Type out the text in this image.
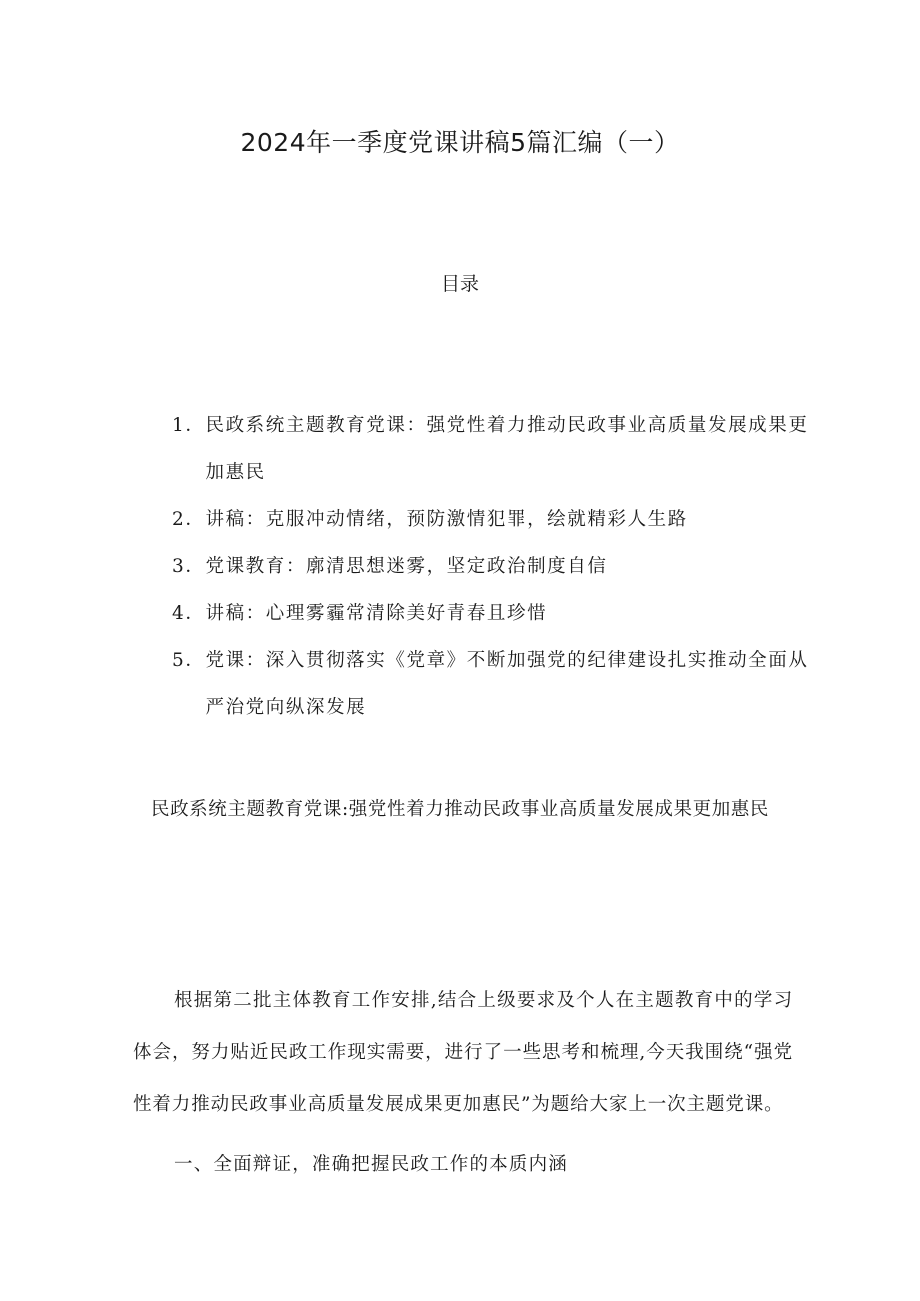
2024年一季度党课讲稿5篇汇编（一）
目录
1． 民政系统主题教育党课：强党性着力推动民政事业高质量发展成果更加惠民
2． 讲稿：克服冲动情绪，预防激情犯罪，绘就精彩人生路
3． 党课教育：廓清思想迷雾，坚定政治制度自信
4． 讲稿：心理雾霾常清除美好青春且珍惜
5． 党课：深入贯彻落实《党章》不断加强党的纪律建设扎实推动全面从严治党向纵深发展
民政系统主题教育党课:强党性着力推动民政事业高质量发展成果更加惠民

根据第二批主体教育工作安排,结合上级要求及个人在主题教育中的学习体会，努力贴近民政工作现实需要，进行了一些思考和梳理,今天我围绕“强党性着力推动民政事业高质量发展成果更加惠民”为题给大家上一次主题党课。

一、全面辩证，准确把握民政工作的本质内涵
